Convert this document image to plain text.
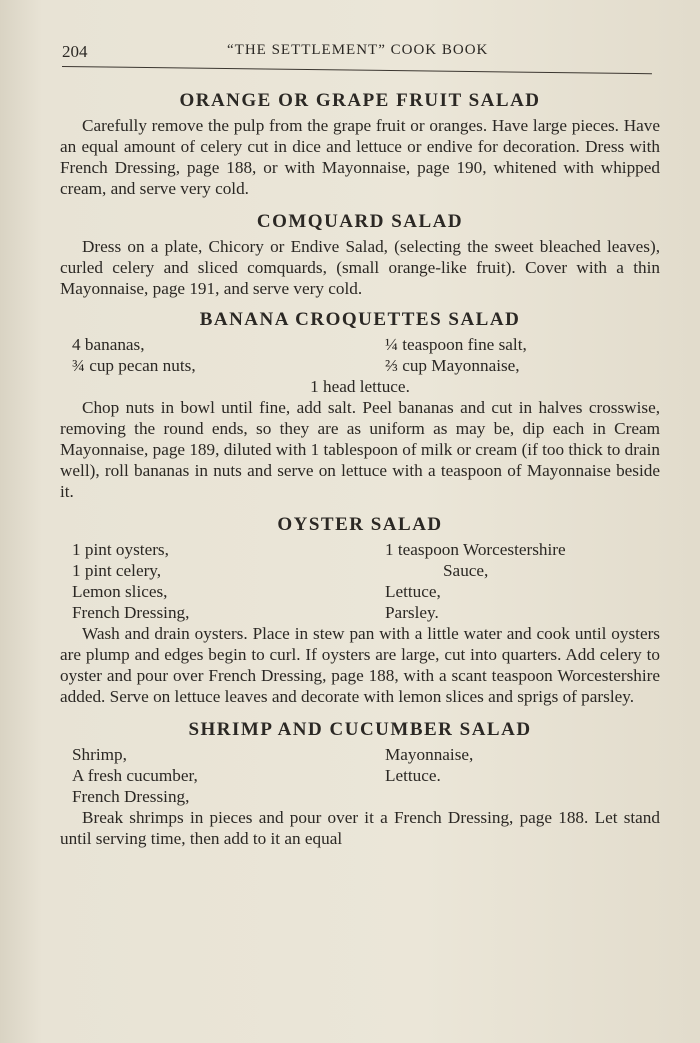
204	“THE SETTLEMENT” COOK BOOK
ORANGE OR GRAPE FRUIT SALAD

Carefully remove the pulp from the grape fruit or oranges. Have large pieces. Have an equal amount of celery cut in dice and lettuce or endive for decoration. Dress with French Dressing, page 188, or with Mayonnaise, page 190, whitened with whipped cream, and serve very cold.

COMQUARD SALAD

Dress on a plate, Chicory or Endive Salad, (selecting the sweet bleached leaves), curled celery and sliced comquards, (small orange-like fruit). Cover with a thin Mayonnaise, page 191, and serve very cold.

BANANA CROQUETTES SALAD
4 bananas,
¾ cup pecan nuts,
¼ teaspoon fine salt,
⅔ cup Mayonnaise,
1 head lettuce.

Chop nuts in bowl until fine, add salt. Peel bananas and cut in halves crosswise, removing the round ends, so they are as uniform as may be, dip each in Cream Mayonnaise, page 189, diluted with 1 tablespoon of milk or cream (if too thick to drain well), roll bananas in nuts and serve on lettuce with a teaspoon of Mayonnaise beside it.

OYSTER SALAD
1 pint oysters,
1 pint celery,
Lemon slices,
French Dressing,
1 teaspoon Worcestershire
Sauce,
Lettuce,
Parsley.

Wash and drain oysters. Place in stew pan with a little water and cook until oysters are plump and edges begin to curl. If oysters are large, cut into quarters. Add celery to oyster and pour over French Dressing, page 188, with a scant teaspoon Worcestershire added. Serve on lettuce leaves and decorate with lemon slices and sprigs of parsley.

SHRIMP AND CUCUMBER SALAD
Shrimp,
A fresh cucumber,
French Dressing,
Mayonnaise,
Lettuce.

Break shrimps in pieces and pour over it a French Dressing, page 188. Let stand until serving time, then add to it an equal
